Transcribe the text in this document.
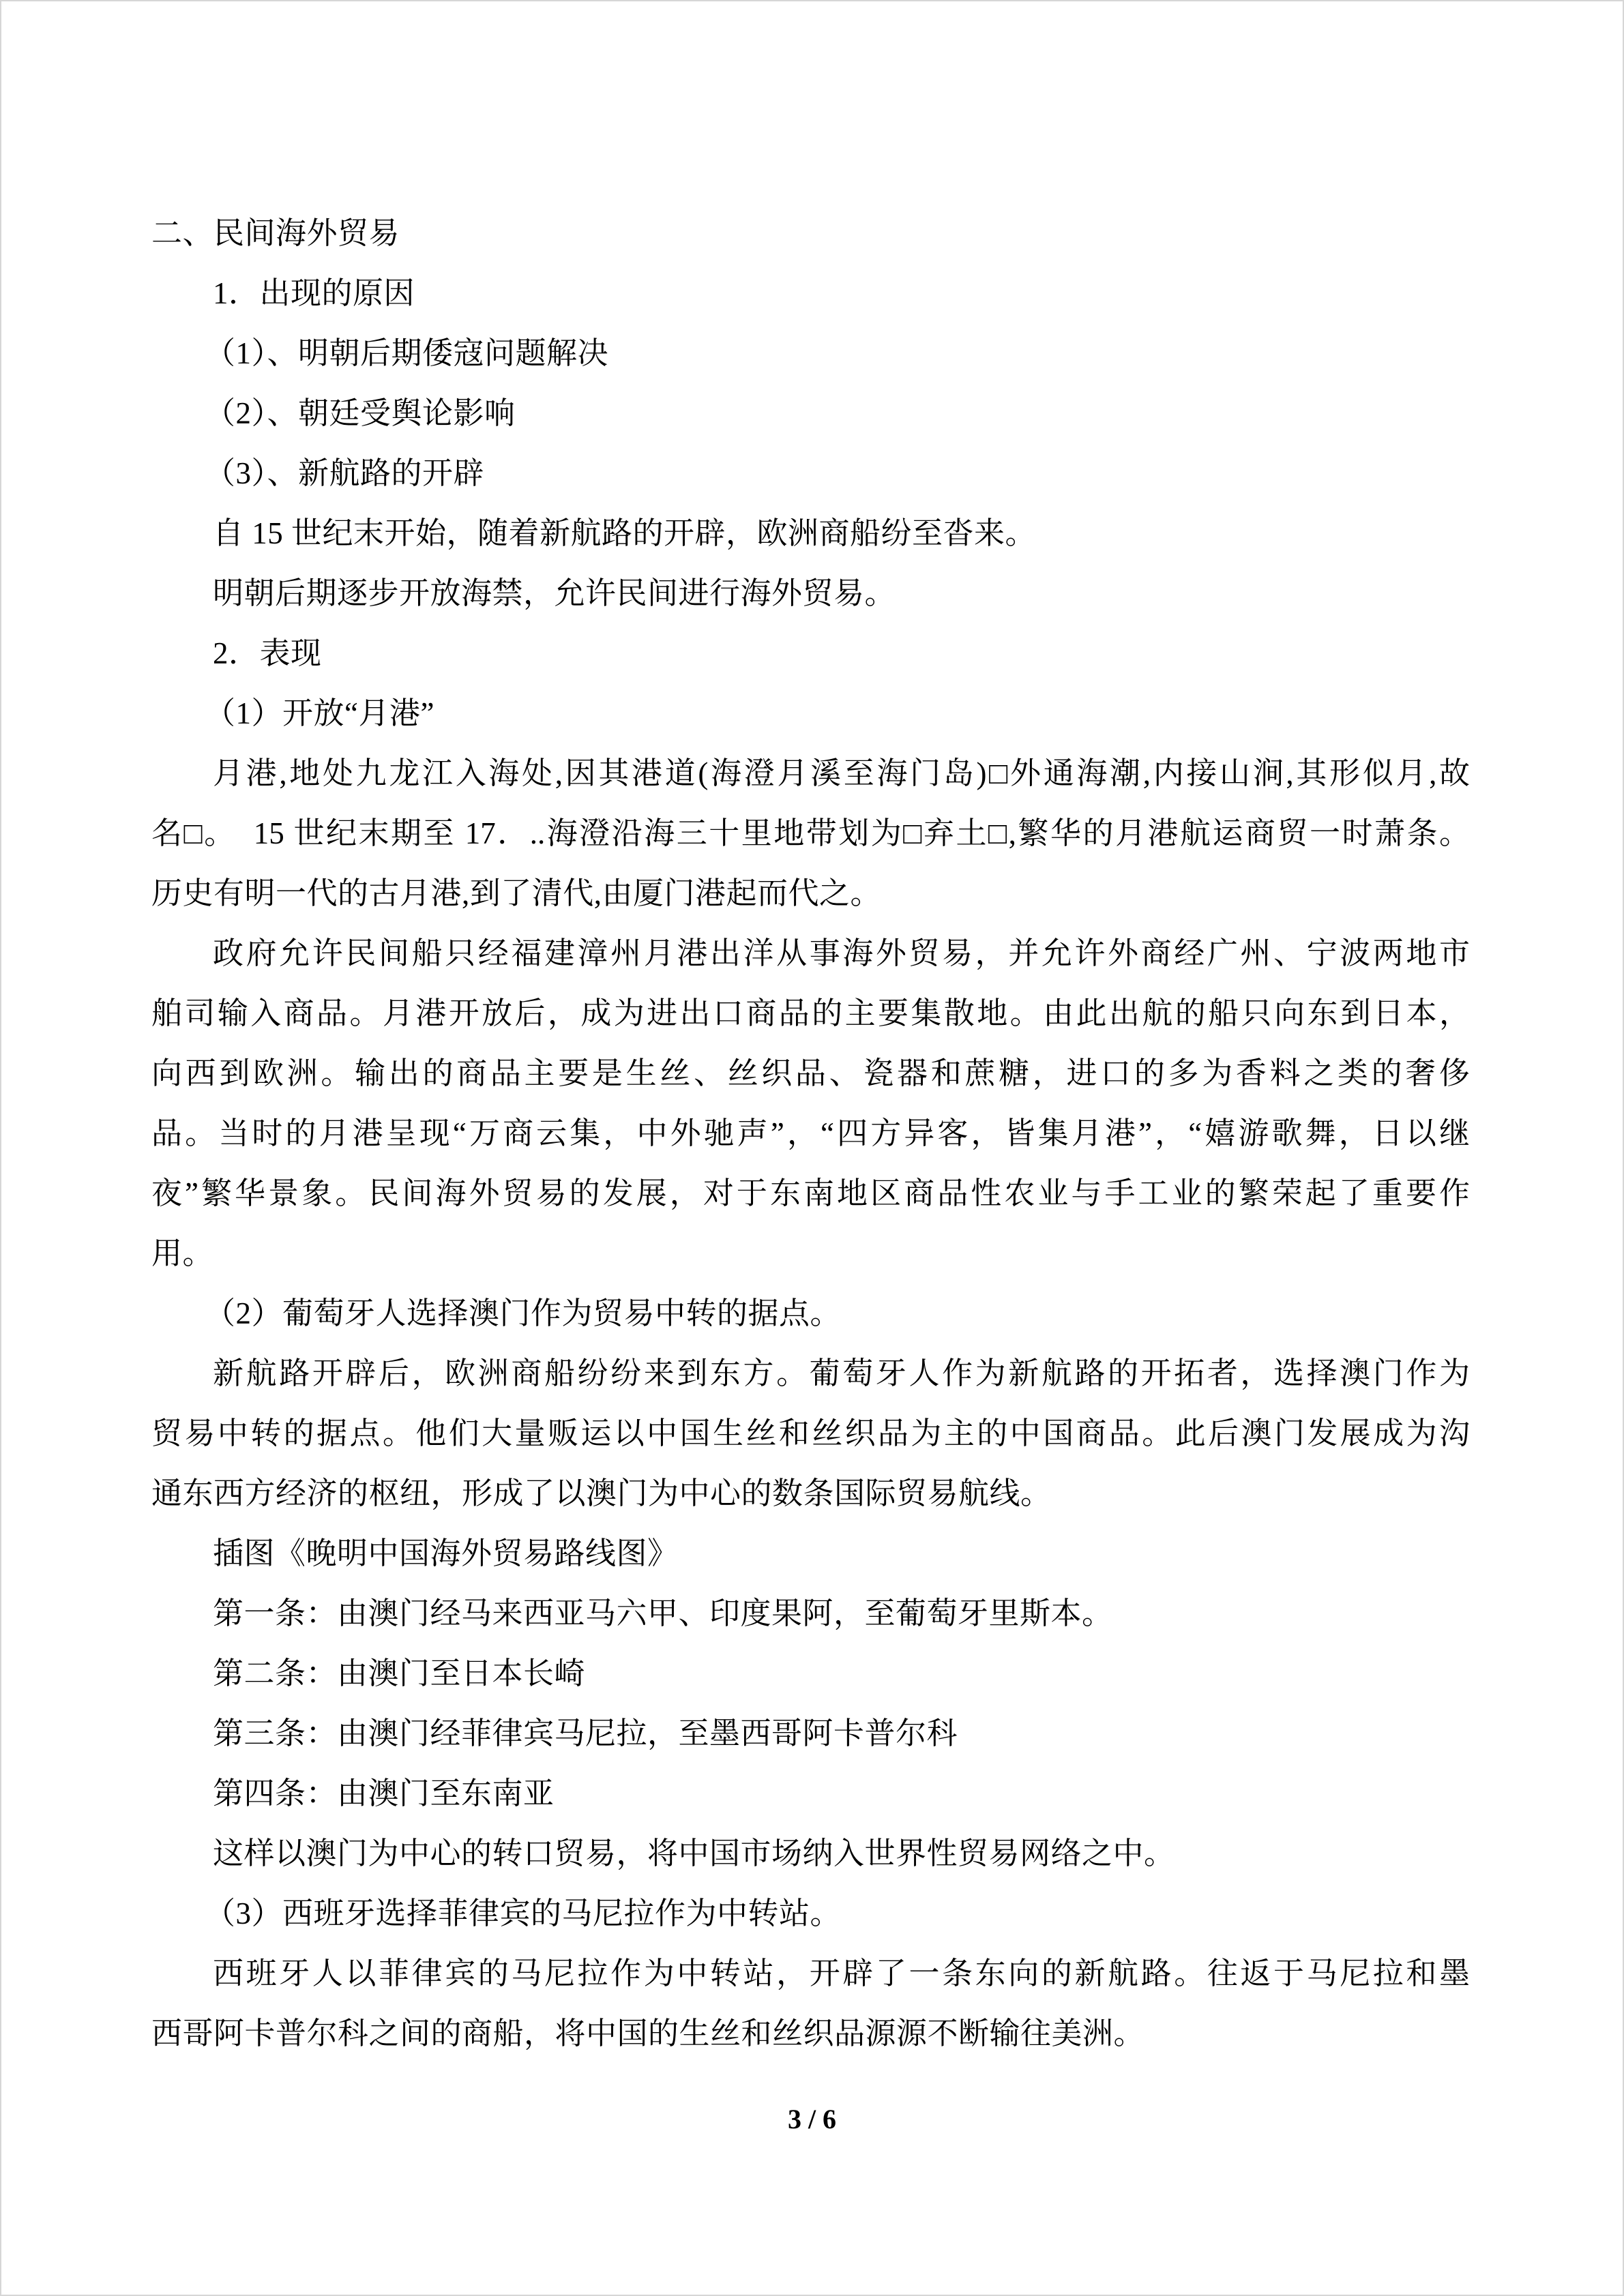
二、民间海外贸易
1．出现的原因
（1）、明朝后期倭寇问题解决
（2）、朝廷受舆论影响
（3）、新航路的开辟
自 15 世纪末开始，随着新航路的开辟，欧洲商船纷至沓来。
明朝后期逐步开放海禁，允许民间进行海外贸易。
2．表现
（1）开放“月港”
月港,地处九龙江入海处,因其港道(海澄月溪至海门岛)□外通海潮,内接山涧,其形似月,故
名□。　15 世纪末期至 17．..海澄沿海三十里地带划为□弃土□,繁华的月港航运商贸一时萧条。
历史有明一代的古月港,到了清代,由厦门港起而代之。
政府允许民间船只经福建漳州月港出洋从事海外贸易，并允许外商经广州、宁波两地市
舶司输入商品。月港开放后，成为进出口商品的主要集散地。由此出航的船只向东到日本，
向西到欧洲。输出的商品主要是生丝、丝织品、瓷器和蔗糖，进口的多为香料之类的奢侈
品。当时的月港呈现“万商云集，中外驰声”，“四方异客，皆集月港”，“嬉游歌舞，日以继
夜”繁华景象。民间海外贸易的发展，对于东南地区商品性农业与手工业的繁荣起了重要作
用。
（2）葡萄牙人选择澳门作为贸易中转的据点。
新航路开辟后，欧洲商船纷纷来到东方。葡萄牙人作为新航路的开拓者，选择澳门作为
贸易中转的据点。他们大量贩运以中国生丝和丝织品为主的中国商品。此后澳门发展成为沟
通东西方经济的枢纽，形成了以澳门为中心的数条国际贸易航线。
插图《晚明中国海外贸易路线图》
第一条：由澳门经马来西亚马六甲、印度果阿，至葡萄牙里斯本。
第二条：由澳门至日本长崎
第三条：由澳门经菲律宾马尼拉，至墨西哥阿卡普尔科
第四条：由澳门至东南亚
这样以澳门为中心的转口贸易，将中国市场纳入世界性贸易网络之中。
（3）西班牙选择菲律宾的马尼拉作为中转站。
西班牙人以菲律宾的马尼拉作为中转站，开辟了一条东向的新航路。往返于马尼拉和墨
西哥阿卡普尔科之间的商船，将中国的生丝和丝织品源源不断输往美洲。
3 / 6
